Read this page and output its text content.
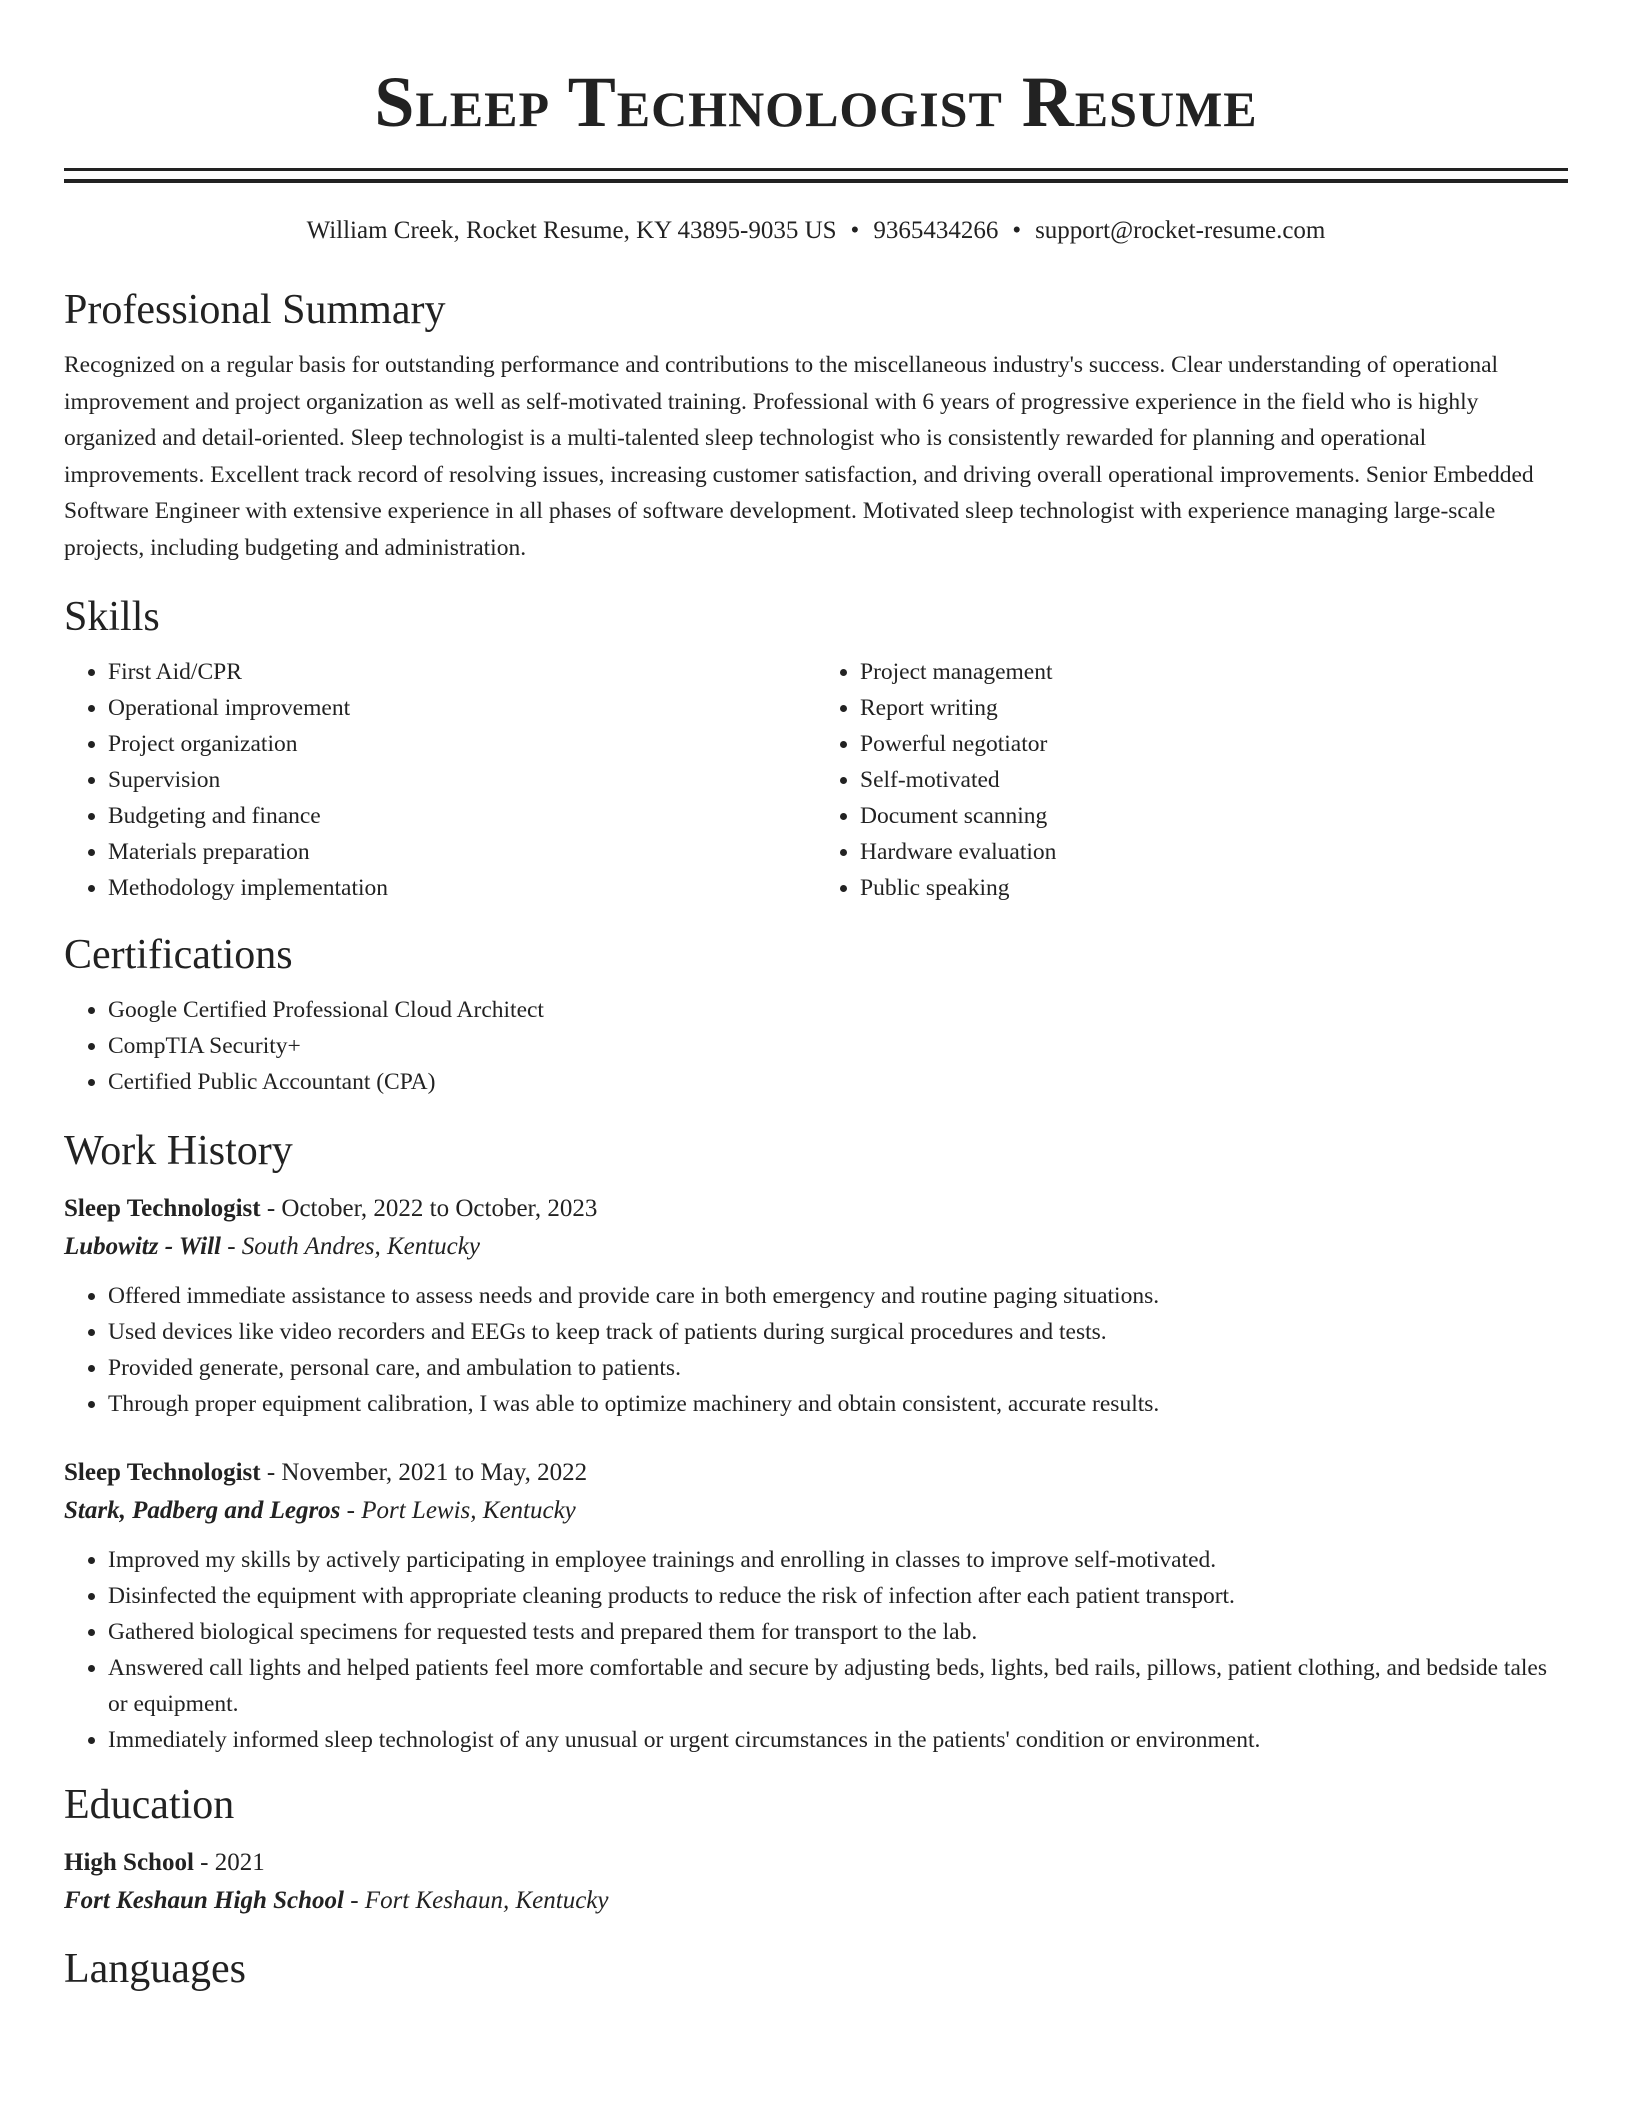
Sleep Technologist Resume
William Creek, Rocket Resume, KY 43895-9035 US • 9365434266 • support@rocket-resume.com
Professional Summary
Recognized on a regular basis for outstanding performance and contributions to the miscellaneous industry's success. Clear understanding of operational improvement and project organization as well as self-motivated training. Professional with 6 years of progressive experience in the field who is highly organized and detail-oriented. Sleep technologist is a multi-talented sleep technologist who is consistently rewarded for planning and operational improvements. Excellent track record of resolving issues, increasing customer satisfaction, and driving overall operational improvements. Senior Embedded Software Engineer with extensive experience in all phases of software development. Motivated sleep technologist with experience managing large-scale projects, including budgeting and administration.
Skills
• First Aid/CPR
• Operational improvement
• Project organization
• Supervision
• Budgeting and finance
• Materials preparation
• Methodology implementation
• Project management
• Report writing
• Powerful negotiator
• Self-motivated
• Document scanning
• Hardware evaluation
• Public speaking
Certifications
• Google Certified Professional Cloud Architect
• CompTIA Security+
• Certified Public Accountant (CPA)
Work History
Sleep Technologist - October, 2022 to October, 2023
Lubowitz - Will - South Andres, Kentucky
• Offered immediate assistance to assess needs and provide care in both emergency and routine paging situations.
• Used devices like video recorders and EEGs to keep track of patients during surgical procedures and tests.
• Provided generate, personal care, and ambulation to patients.
• Through proper equipment calibration, I was able to optimize machinery and obtain consistent, accurate results.
Sleep Technologist - November, 2021 to May, 2022
Stark, Padberg and Legros - Port Lewis, Kentucky
• Improved my skills by actively participating in employee trainings and enrolling in classes to improve self-motivated.
• Disinfected the equipment with appropriate cleaning products to reduce the risk of infection after each patient transport.
• Gathered biological specimens for requested tests and prepared them for transport to the lab.
• Answered call lights and helped patients feel more comfortable and secure by adjusting beds, lights, bed rails, pillows, patient clothing, and bedside tales or equipment.
• Immediately informed sleep technologist of any unusual or urgent circumstances in the patients' condition or environment.
Education
High School - 2021
Fort Keshaun High School - Fort Keshaun, Kentucky
Languages
